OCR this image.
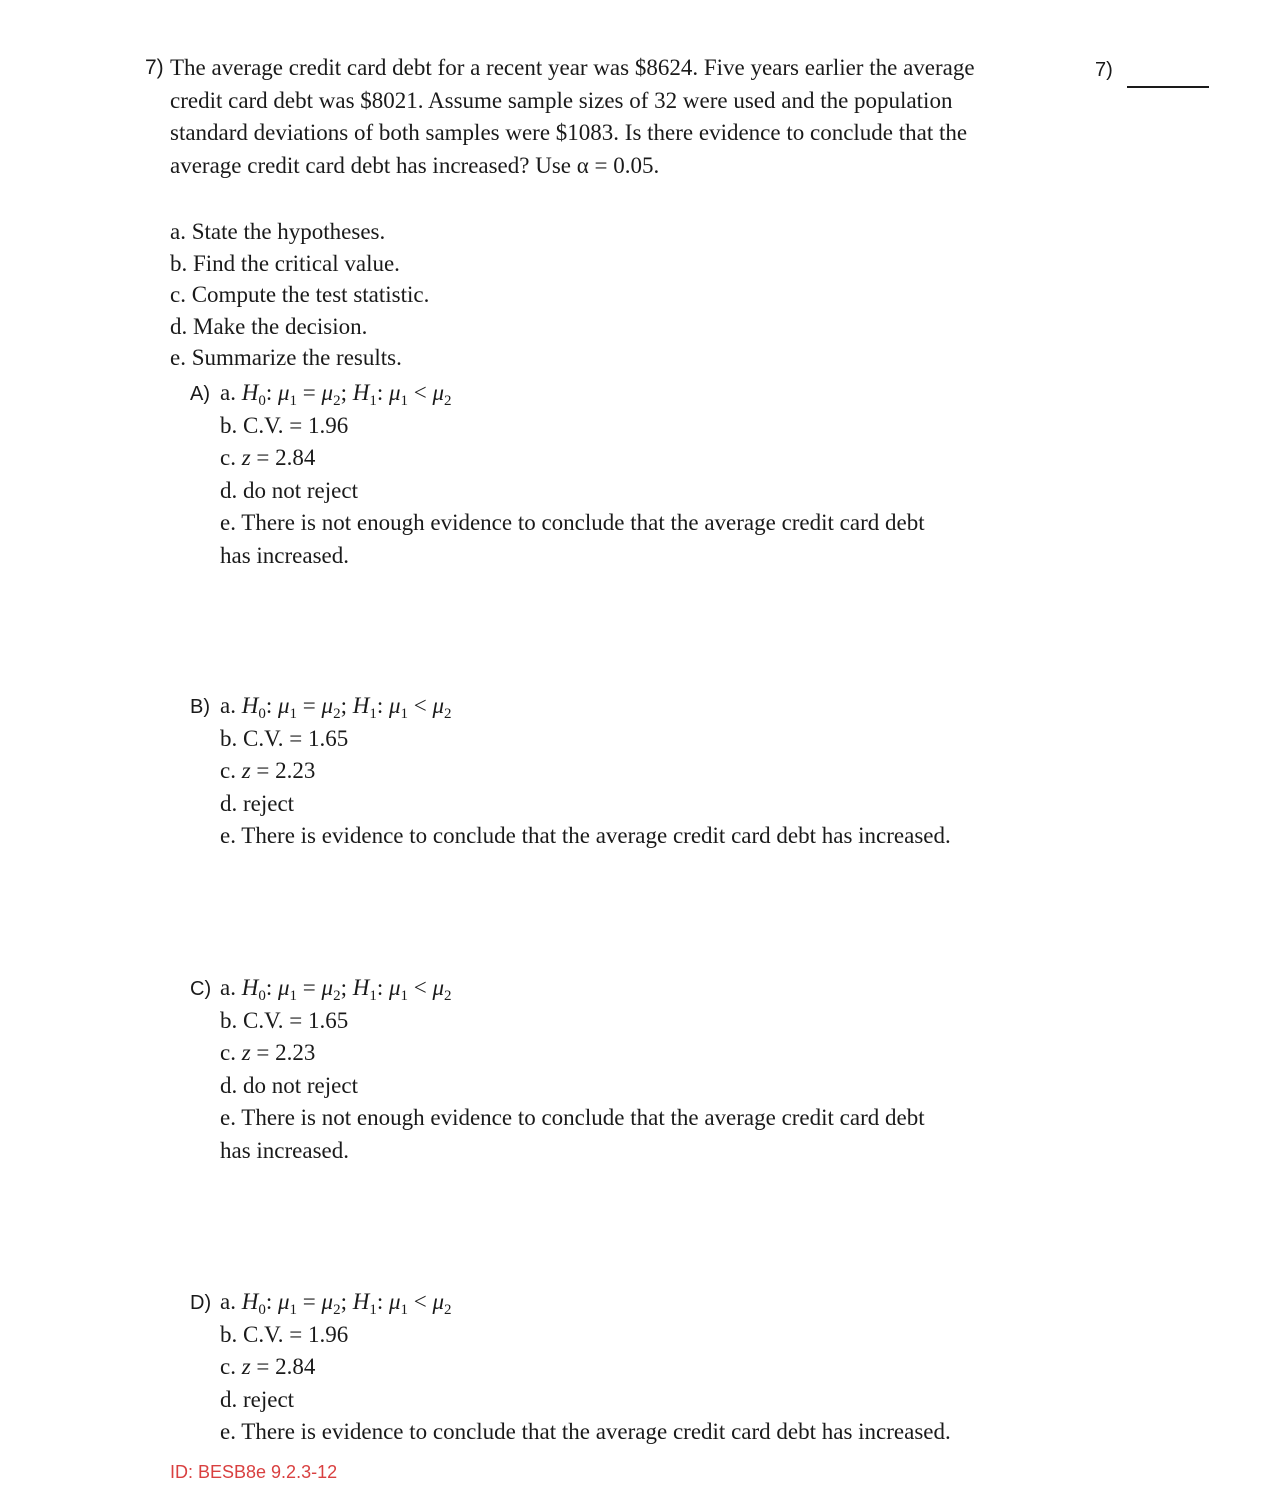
7) The average credit card debt for a recent year was $8624. Five years earlier the average
credit card debt was $8021. Assume sample sizes of 32 were used and the population
standard deviations of both samples were $1083. Is there evidence to conclude that the
average credit card debt has increased? Use α = 0.05.
7)
a. State the hypotheses.
b. Find the critical value.
c. Compute the test statistic.
d. Make the decision.
e. Summarize the results.
A) a. $H_0$: $\mu_1 = \mu_2$; $H_1$: $\mu_1 < \mu_2$
b. C.V. = 1.96
c. z = 2.84
d. do not reject
e. There is not enough evidence to conclude that the average credit card debt
has increased.
B) a. $H_0$: $\mu_1 = \mu_2$; $H_1$: $\mu_1 < \mu_2$
b. C.V. = 1.65
c. z = 2.23
d. reject
e. There is evidence to conclude that the average credit card debt has increased.
C) a. $H_0$: $\mu_1 = \mu_2$; $H_1$: $\mu_1 < \mu_2$
b. C.V. = 1.65
c. z = 2.23
d. do not reject
e. There is not enough evidence to conclude that the average credit card debt
has increased.
D) a. $H_0$: $\mu_1 = \mu_2$; $H_1$: $\mu_1 < \mu_2$
b. C.V. = 1.96
c. z = 2.84
d. reject
e. There is evidence to conclude that the average credit card debt has increased.
ID: BESB8e 9.2.3-12
